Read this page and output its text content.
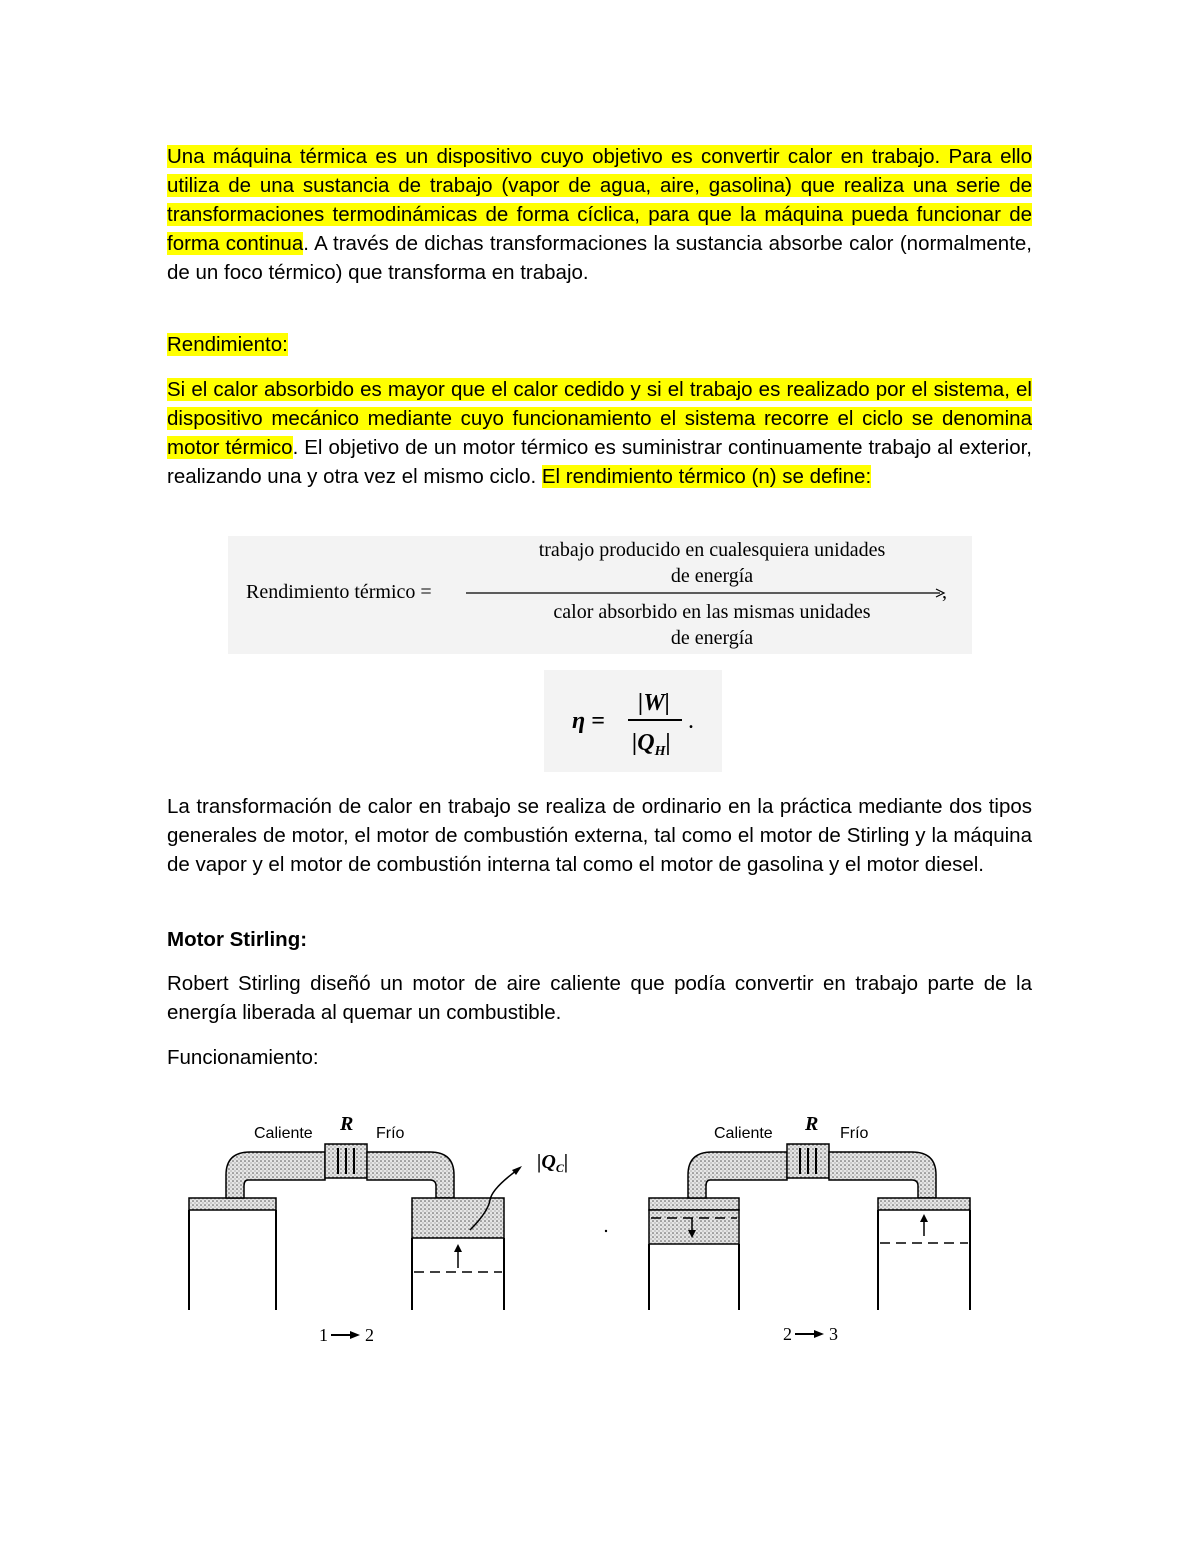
Una máquina térmica es un dispositivo cuyo objetivo es convertir calor en trabajo. Para ello utiliza de una sustancia de trabajo (vapor de agua, aire, gasolina) que realiza una serie de transformaciones termodinámicas de forma cíclica, para que la máquina pueda funcionar de forma continua. A través de dichas transformaciones la sustancia absorbe calor (normalmente, de un foco térmico) que transforma en trabajo.

Rendimiento:

Si el calor absorbido es mayor que el calor cedido y si el trabajo es realizado por el sistema, el dispositivo mecánico mediante cuyo funcionamiento el sistema recorre el ciclo se denomina motor térmico. El objetivo de un motor térmico es suministrar continuamente trabajo al exterior, realizando una y otra vez el mismo ciclo. El rendimiento térmico (n) se define:

Rendimiento térmico =	,
trabajo producido en cualesquiera unidades
de energía
calor absorbido en las mismas unidades
de energía
η =
|W|
$|Q_H|$
.

La transformación de calor en trabajo se realiza de ordinario en la práctica mediante dos tipos generales de motor, el motor de combustión externa, tal como el motor de Stirling y la máquina de vapor y el motor de combustión interna tal como el motor de gasolina y el motor diesel.

Motor Stirling:

Robert Stirling diseñó un motor de aire caliente que podía convertir en trabajo parte de la energía liberada al quemar un combustible.

Funcionamiento:

Caliente R Frío
$|Q_C|$
1 2
Caliente R Frío
2 3
